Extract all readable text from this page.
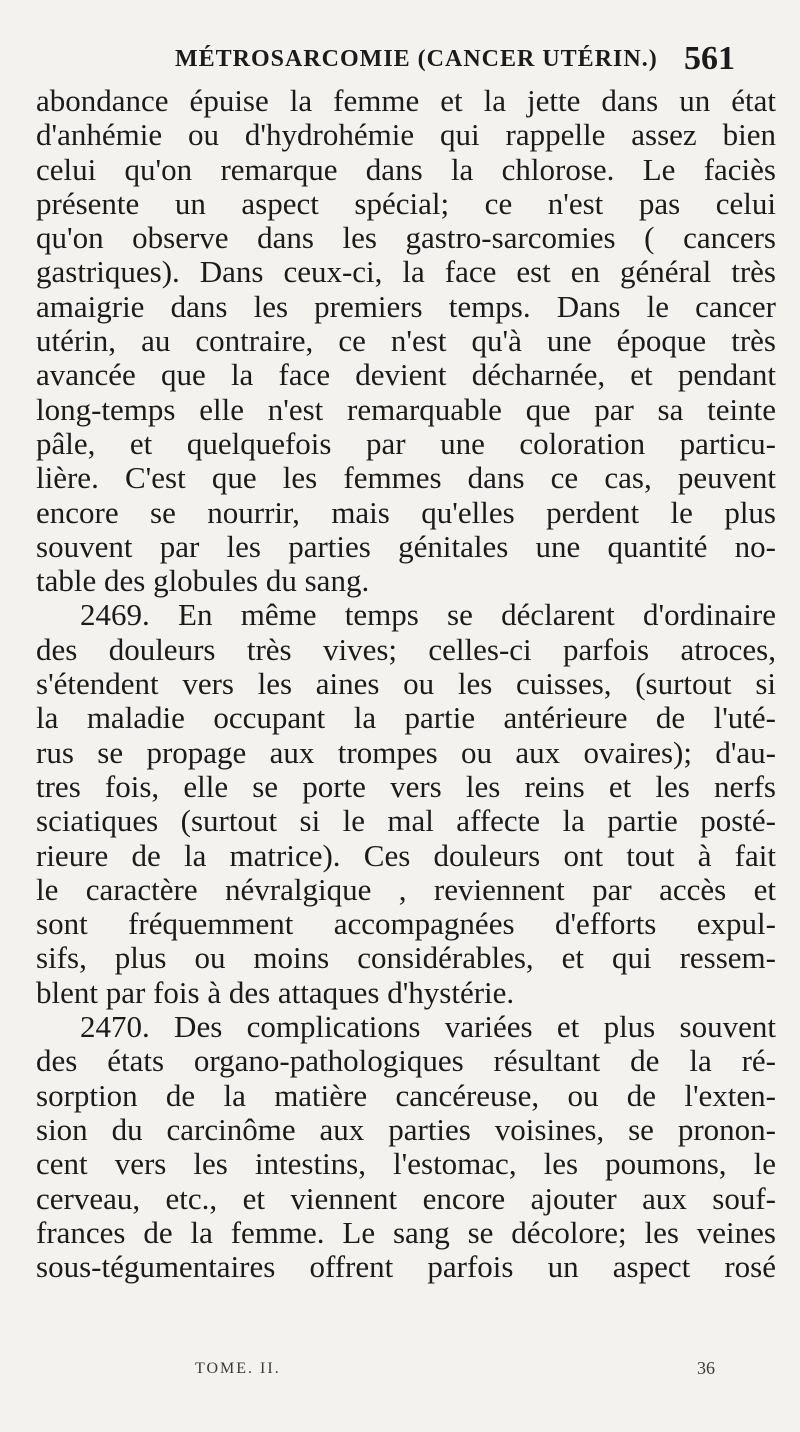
MÉTROSARCOMIE (CANCER UTÉRIN.) 561
abondance épuise la femme et la jette dans un état
d'anhémie ou d'hydrohémie qui rappelle assez bien
celui qu'on remarque dans la chlorose. Le faciès
présente un aspect spécial; ce n'est pas celui
qu'on observe dans les gastro-sarcomies ( cancers
gastriques). Dans ceux-ci, la face est en général très
amaigrie dans les premiers temps. Dans le cancer
utérin, au contraire, ce n'est qu'à une époque très
avancée que la face devient décharnée, et pendant
long-temps elle n'est remarquable que par sa teinte
pâle, et quelquefois par une coloration particu-
lière. C'est que les femmes dans ce cas, peuvent
encore se nourrir, mais qu'elles perdent le plus
souvent par les parties génitales une quantité no-
table des globules du sang.
2469. En même temps se déclarent d'ordinaire
des douleurs très vives; celles-ci parfois atroces,
s'étendent vers les aines ou les cuisses, (surtout si
la maladie occupant la partie antérieure de l'uté-
rus se propage aux trompes ou aux ovaires); d'au-
tres fois, elle se porte vers les reins et les nerfs
sciatiques (surtout si le mal affecte la partie posté-
rieure de la matrice). Ces douleurs ont tout à fait
le caractère névralgique , reviennent par accès et
sont fréquemment accompagnées d'efforts expul-
sifs, plus ou moins considérables, et qui ressem-
blent par fois à des attaques d'hystérie.
2470. Des complications variées et plus souvent
des états organo-pathologiques résultant de la ré-
sorption de la matière cancéreuse, ou de l'exten-
sion du carcinôme aux parties voisines, se pronon-
cent vers les intestins, l'estomac, les poumons, le
cerveau, etc., et viennent encore ajouter aux souf-
frances de la femme. Le sang se décolore; les veines
sous-tégumentaires offrent parfois un aspect rosé
TOME. II.	36
